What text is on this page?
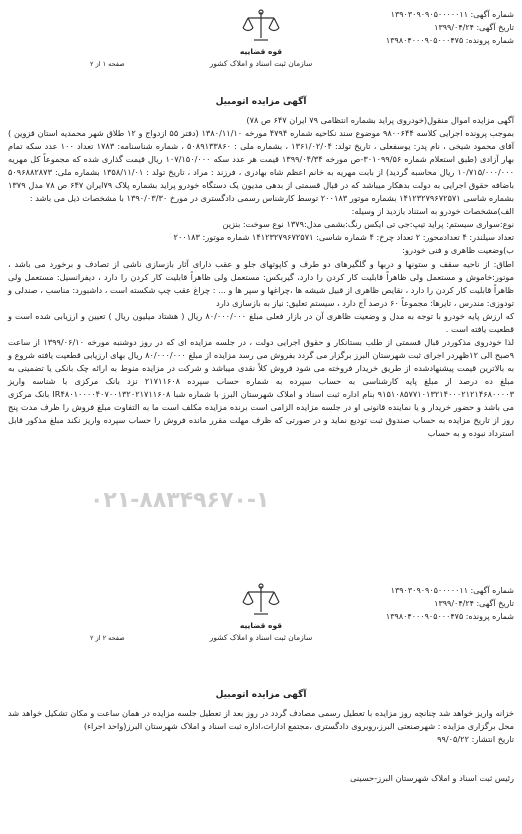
شماره آگهی: ۱۳۹۰۳۰۹۰۹۰۵۰۰۰۰۰۱۱
تاریخ آگهی: ۱۳۹۹/۰۴/۲۴
شماره پرونده: ۱۳۹۸۰۴۰۰۰۹۰۵۰۰۰۴۷۵
قوه قضاییه
سازمان ثبت اسناد و املاک کشور
صفحه ۱ از ۲
آگهی مزایده اتومبیل

آگهی مزایده اموال منقول(خودروی پراید بشماره انتظامی ۷۹ ایران ۶۴۷ ص ۷۸)

بموجب پرونده اجرایی کلاسه ۹۸۰۰۶۴۴ موضوع سند نکاحیه شماره ۴۷۹۴ مورخه ۱۳۸۰/۱۱/۱۰ (دفتر ۵۵ ازدواج و ۱۲ طلاق شهر محمدیه استان قزوین ) آقای محمود شیخی ، نام پدر: یوسفعلی ، تاریخ تولد: ۱۳۶۱/۰۲/۰۴ ، بشماره ملی : ۵۰۸۹۱۳۳۸۶۰ ، شماره شناسنامه: ۱۷۸۳ تعداد ۱۰۰ عدد سکه تمام بهار آزادی (طبق استعلام شماره ۳۰۱۰۹۹/۵۶-ص مورخه ۱۳۹۹/۰۴/۳۴ قیمت هر عدد سکه ۱۰۷/۱۵۰/۰۰۰ ریال قیمت گذاری شده که مجموعاً کل مهریه ۱۰/۷۱۵/۰۰۰/۰۰۰ ریال محاسبه گردید) از بابت مهریه به خانم اعظم شاه بهادری ، فرزند : مراد ، تاریخ تولد : ۱۳۵۸/۱۱/۰۱ بشماره ملی: ۵۰۹۶۸۸۲۸۷۳ باضافه حقوق اجرایی به دولت بدهکار میباشد که در قبال قسمتی از بدهی مدیون یک دستگاه خودرو پراید بشماره پلاک ۷۹ایران ۶۴۷ ص ۷۸ مدل ۱۳۷۹ بشماره شاسی ۱۴۱۲۳۲۷۹۶۷۲۵۷۱ بشماره موتور ۲۰۰۱۸۳ توسط کارشناس رسمی دادگستری در مورخ ۱۳۹۰/۰۳/۳۰ با مشخصات ذیل می باشد :

الف)مشخصات خودرو به استناد بازدید از وسیله:

نوع:سواری سیستم: پراید تیپ:جی تی ایکس رنگ:بشمی مدل:۱۳۷۹ نوع سوخت: بنزین

تعداد سیلندر: ۴ تعدادمحور: ۲ تعداد چرخ: ۴ شماره شاسی: ۱۴۱۲۳۲۷۹۶۷۲۵۷۱ شماره موتور: ۲۰۰۱۸۳

ب)وضعیت ظاهری و فنی خودرو:

اطاق: از ناحیه سقف و ستونها و دربها و گلگیرهای دو طرف و کاپوتهای جلو و عقب دارای آثار بازسازی ناشی از تصادف و برخورد می باشد ، موتور:خاموش و مستعمل ولی ظاهراً قابلیت کار کردن را دارد، گیربکس: مستعمل ولی ظاهراً قابلیت کار کردن را دارد ، دیفرانسیل: مستعمل ولی ظاهراً قابلیت کار کردن را دارد ، نقایص ظاهری از قبیل شیشه ها ،چراغها و سپر ها و ... : چراغ عقب چپ شکسته است ، داشبورد: مناسب ، صندلی و تودوزی: مندرس ، تایرها: مجموعاً ۶۰ درصد آج دارد ، سیستم تعلیق: نیاز به بازسازی دارد

که ارزش پایه خودرو با توجه به مدل و وضعیت ظاهری آن در بازار فعلی مبلغ ۸۰/۰۰۰/۰۰۰ ریال ( هشتاد میلیون ریال ) تعیین و ارزیابی شده است و قطعیت یافته است .

لذا خودروی مذکوردر قبال قسمتی از طلب بستانکار و حقوق اجرایی دولت ، در جلسه مزایده ای که در روز دوشنبه مورخه ۱۳۹۹/۰۶/۱۰ از ساعت ۹صبح الی ۱۲ظهردر اجرای ثبت شهرستان البرز برگزار می گردد بفروش می رسد مزایده از مبلغ ۸۰/۰۰۰/۰۰۰ ریال بهای ارزیابی قطعیت یافته شروع و به بالاترین قیمت پیشنهادشده از طریق خریدار فروخته می شود فروش کلاً نقدی میباشد و شرکت در مزایده منوط به ارائه چک بانکی یا تضمینی به مبلغ ده درصد از مبلغ پایه کارشناسی به حساب سپرده به شماره حساب سپرده ۲۱۷۱۱۶۰۸ نزد بانک مرکزی با شناسه واریز ۹۱۵۱۰۸۵۷۷۱۰۱۳۲۱۴۰۰۰۲۱۲۱۴۶۸۰۰۰۰۳ بنام اداره ثبت اسناد و املاک شهرستان البرز با شماره شبا IR۴۸۰۱۰۰۰۰۴۰۷۰۰۱۳۲۰۲۱۷۱۱۶۰۸ بانک مرکزی می باشد و حضور خریدار و یا نماینده قانونی او در جلسه مزایده الزامی است برنده مزایده مکلف است ما به التفاوت مبلغ فروش را ظرف مدت پنج روز از تاریخ مزایده به حساب صندوق ثبت تودیع نماید و در صورتی که ظرف مهلت مقرر مانده فروش را حساب سپرده واریز نکند مبلغ مذکور قابل استرداد نبوده و به حساب

۰۲۱-۸۸۳۴۹۶۷۰-۱
شماره آگهی: ۱۳۹۰۳۰۹۰۹۰۵۰۰۰۰۰۱۱
تاریخ آگهی: ۱۳۹۹/۰۴/۲۴
شماره پرونده: ۱۳۹۸۰۴۰۰۰۹۰۵۰۰۰۴۷۵
قوه قضاییه
سازمان ثبت اسناد و املاک کشور
صفحه ۲ از ۲
آگهی مزایده اتومبیل

خزانه واریز خواهد شد چنانچه روز مزایده با تعطیل رسمی مصادف گردد در روز بعد از تعطیل جلسه مزایده در همان ساعت و مکان تشکیل خواهد شد محل برگزاری مزایده : شهرصنعتی البرز،روبروی دادگستری ،مجتمع ادارات،اداره ثبت اسناد و املاک شهرستان البرز(واحد اجراء)

تاریخ انتشار: ۹۹/۰۵/۲۲

رئیس ثبت اسناد و املاک شهرستان البرز-حسینی
